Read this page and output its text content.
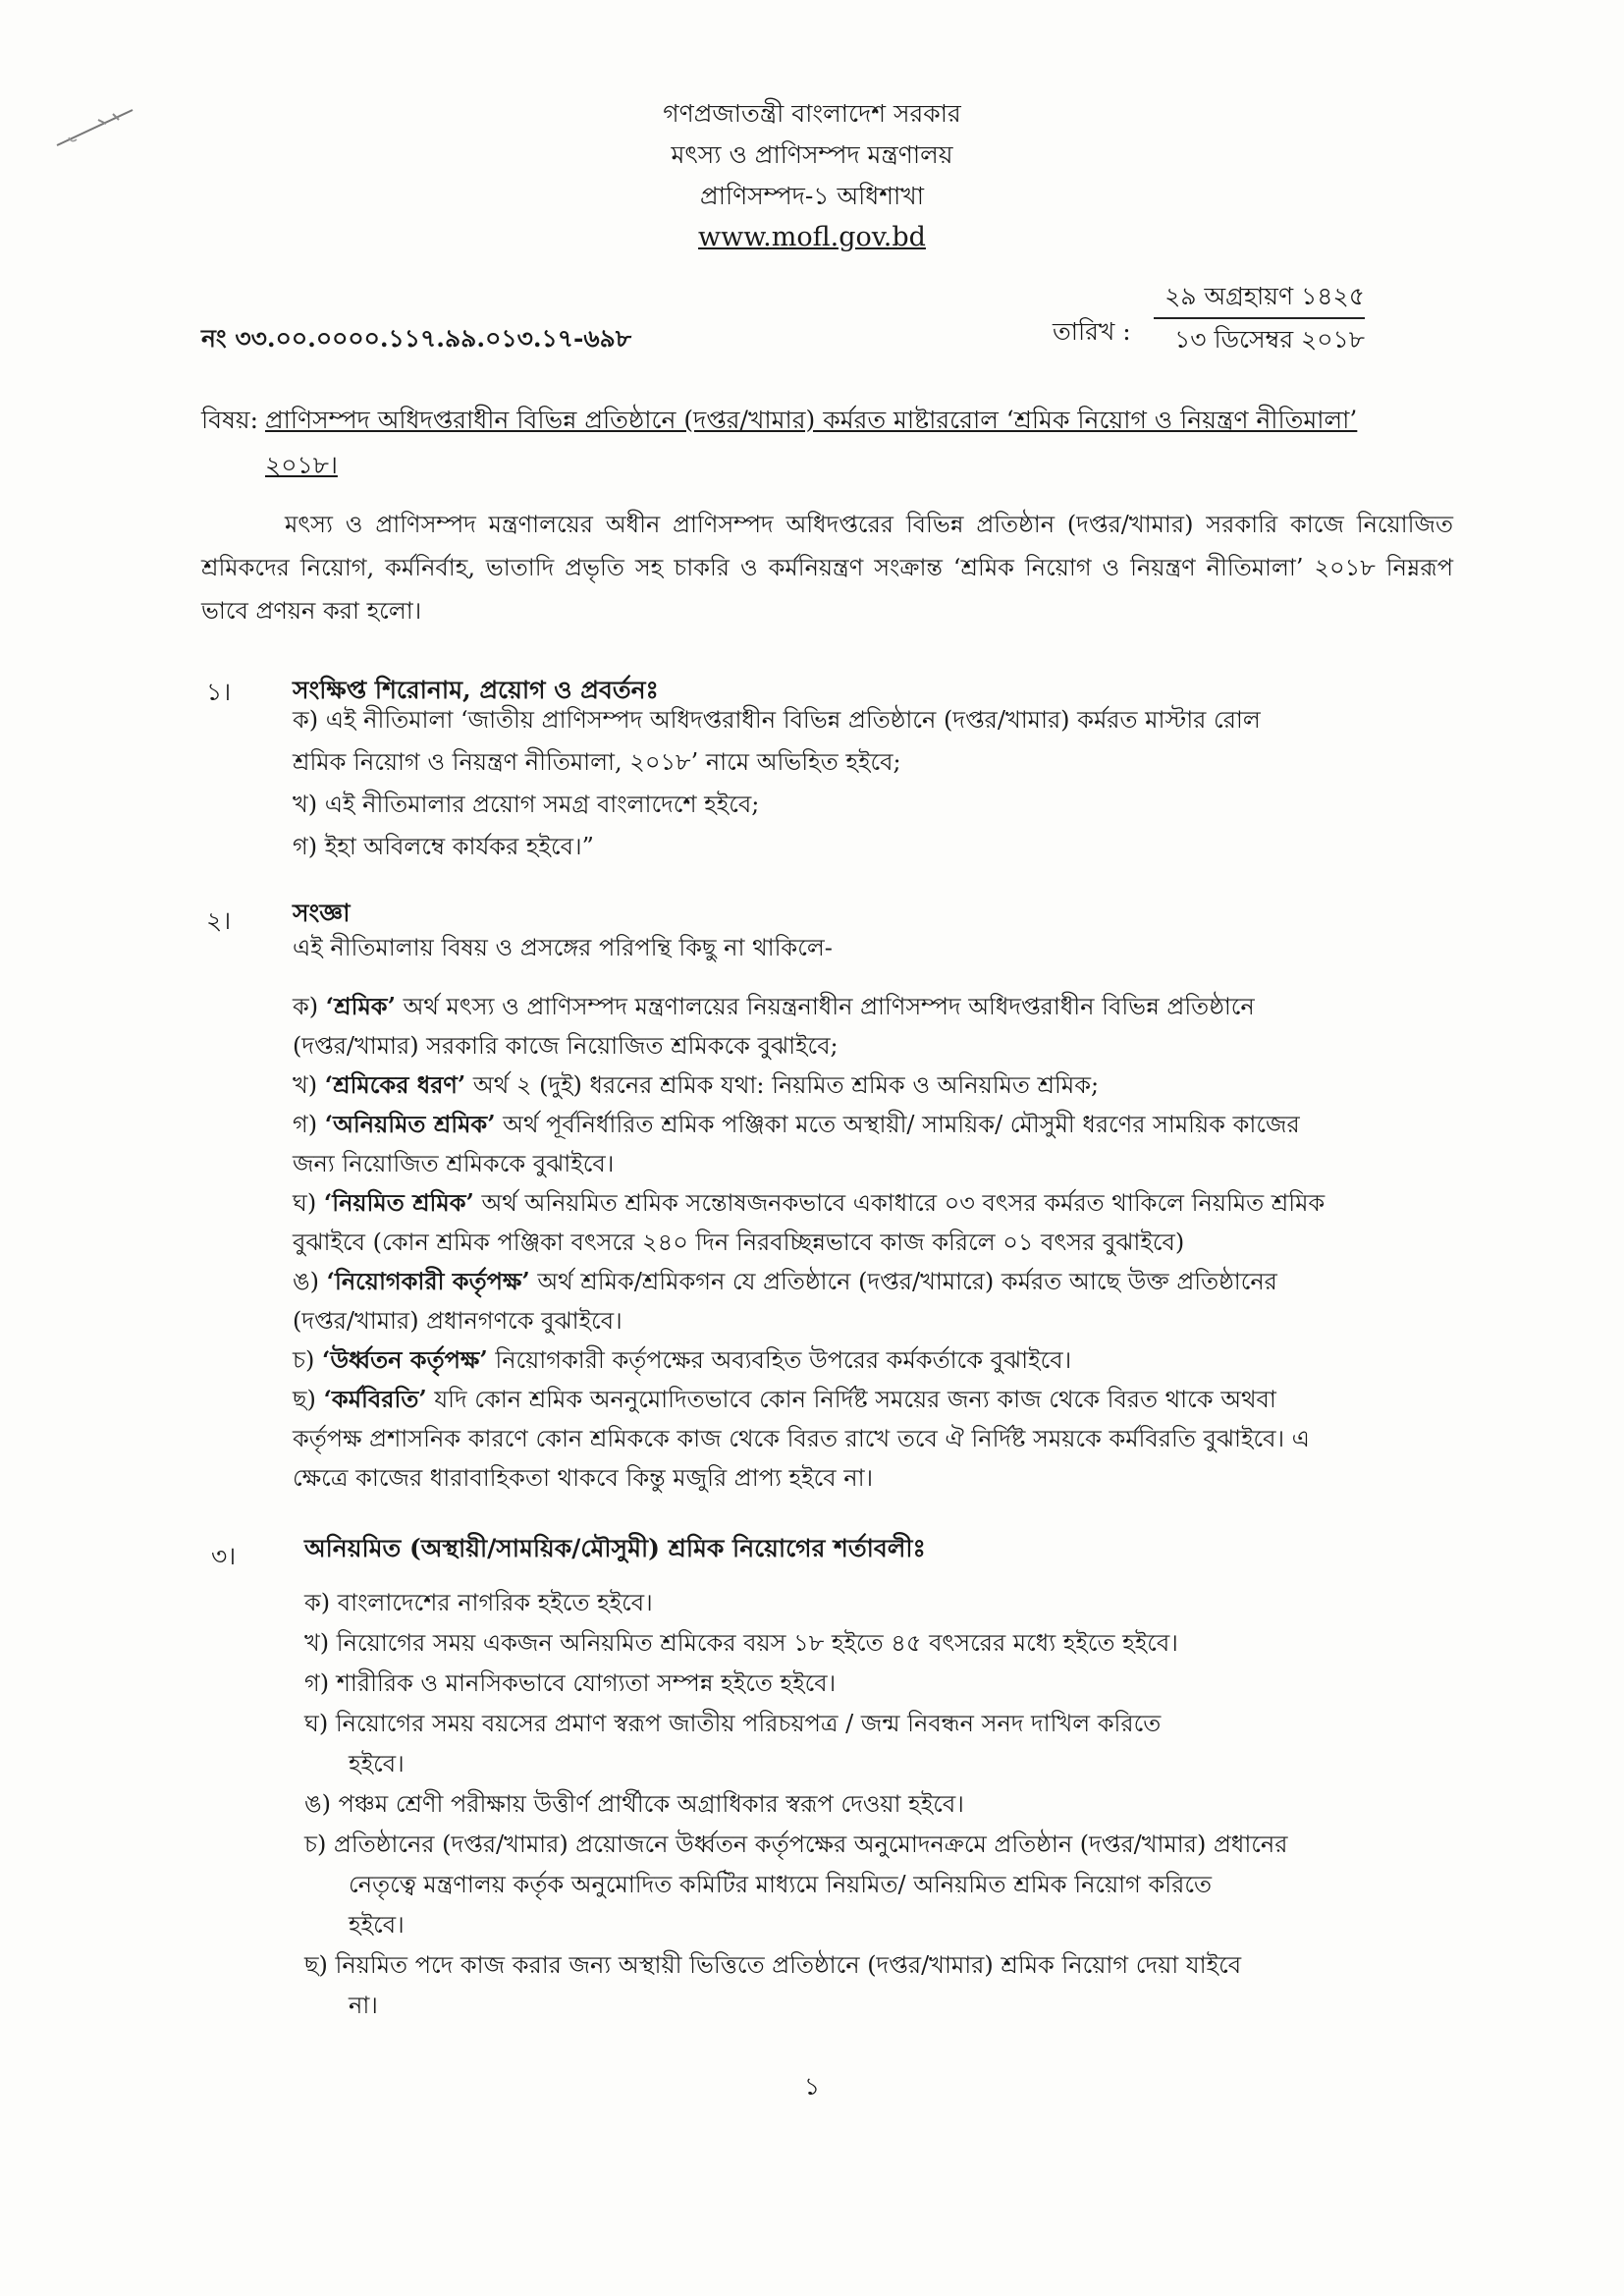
গণপ্রজাতন্ত্রী বাংলাদেশ সরকার
মৎস্য ও প্রাণিসম্পদ মন্ত্রণালয়
প্রাণিসম্পদ-১ অধিশাখা
www.mofl.gov.bd
নং ৩৩.০০.০০০০.১১৭.৯৯.০১৩.১৭-৬৯৮	তারিখ :
২৯ অগ্রহায়ণ ১৪২৫
১৩ ডিসেম্বর ২০১৮
বিষয়: প্রাণিসম্পদ অধিদপ্তরাধীন বিভিন্ন প্রতিষ্ঠানে (দপ্তর/খামার) কর্মরত মাষ্টাররোল ‘শ্রমিক নিয়োগ ও নিয়ন্ত্রণ নীতিমালা’ ২০১৮।
মৎস্য ও প্রাণিসম্পদ মন্ত্রণালয়ের অধীন প্রাণিসম্পদ অধিদপ্তরের বিভিন্ন প্রতিষ্ঠান (দপ্তর/খামার) সরকারি কাজে নিয়োজিত শ্রমিকদের নিয়োগ, কর্মনির্বাহ, ভাতাদি প্রভৃতি সহ চাকরি ও কর্মনিয়ন্ত্রণ সংক্রান্ত ‘শ্রমিক নিয়োগ ও নিয়ন্ত্রণ নীতিমালা’ ২০১৮ নিম্নরূপ ভাবে প্রণয়ন করা হলো।
১।	সংক্ষিপ্ত শিরোনাম, প্রয়োগ ও প্রবর্তনঃ

ক) এই নীতিমালা ‘জাতীয় প্রাণিসম্পদ অধিদপ্তরাধীন বিভিন্ন প্রতিষ্ঠানে (দপ্তর/খামার) কর্মরত মাস্টার রোল

শ্রমিক নিয়োগ ও নিয়ন্ত্রণ নীতিমালা, ২০১৮’ নামে অভিহিত হইবে;

খ) এই নীতিমালার প্রয়োগ সমগ্র বাংলাদেশে হইবে;

গ) ইহা অবিলম্বে কার্যকর হইবে।”

২।	সংজ্ঞা

এই নীতিমালায় বিষয় ও প্রসঙ্গের পরিপন্থি কিছু না থাকিলে-

ক) ‘শ্রমিক’ অর্থ মৎস্য ও প্রাণিসম্পদ মন্ত্রণালয়ের নিয়ন্ত্রনাধীন প্রাণিসম্পদ অধিদপ্তরাধীন বিভিন্ন প্রতিষ্ঠানে

(দপ্তর/খামার) সরকারি কাজে নিয়োজিত শ্রমিককে বুঝাইবে;

খ) ‘শ্রমিকের ধরণ’ অর্থ ২ (দুই) ধরনের শ্রমিক যথা: নিয়মিত শ্রমিক ও অনিয়মিত শ্রমিক;

গ) ‘অনিয়মিত শ্রমিক’ অর্থ পূর্বনির্ধারিত শ্রমিক পঞ্জিকা মতে অস্থায়ী/ সাময়িক/ মৌসুমী ধরণের সাময়িক কাজের

জন্য নিয়োজিত শ্রমিককে বুঝাইবে।

ঘ) ‘নিয়মিত শ্রমিক’ অর্থ অনিয়মিত শ্রমিক সন্তোষজনকভাবে একাধারে ০৩ বৎসর কর্মরত থাকিলে নিয়মিত শ্রমিক

বুঝাইবে (কোন শ্রমিক পঞ্জিকা বৎসরে ২৪০ দিন নিরবচ্ছিন্নভাবে কাজ করিলে ০১ বৎসর বুঝাইবে)

ঙ) ‘নিয়োগকারী কর্তৃপক্ষ’ অর্থ শ্রমিক/শ্রমিকগন যে প্রতিষ্ঠানে (দপ্তর/খামারে) কর্মরত আছে উক্ত প্রতিষ্ঠানের

(দপ্তর/খামার) প্রধানগণকে বুঝাইবে।

চ) ‘উর্ধ্বতন কর্তৃপক্ষ’ নিয়োগকারী কর্তৃপক্ষের অব্যবহিত উপরের কর্মকর্তাকে বুঝাইবে।

ছ) ‘কর্মবিরতি’ যদি কোন শ্রমিক অননুমোদিতভাবে কোন নির্দিষ্ট সময়ের জন্য কাজ থেকে বিরত থাকে অথবা

কর্তৃপক্ষ প্রশাসনিক কারণে কোন শ্রমিককে কাজ থেকে বিরত রাখে তবে ঐ নির্দিষ্ট সময়কে কর্মবিরতি বুঝাইবে। এ

ক্ষেত্রে কাজের ধারাবাহিকতা থাকবে কিন্তু মজুরি প্রাপ্য হইবে না।

৩।	অনিয়মিত (অস্থায়ী/সাময়িক/মৌসুমী) শ্রমিক নিয়োগের শর্তাবলীঃ

ক) বাংলাদেশের নাগরিক হইতে হইবে।

খ) নিয়োগের সময় একজন অনিয়মিত শ্রমিকের বয়স ১৮ হইতে ৪৫ বৎসরের মধ্যে হইতে হইবে।

গ) শারীরিক ও মানসিকভাবে যোগ্যতা সম্পন্ন হইতে হইবে।

ঘ) নিয়োগের সময় বয়সের প্রমাণ স্বরূপ জাতীয় পরিচয়পত্র / জন্ম নিবন্ধন সনদ দাখিল করিতে

হইবে।

ঙ) পঞ্চম শ্রেণী পরীক্ষায় উত্তীর্ণ প্রার্থীকে অগ্রাধিকার স্বরূপ দেওয়া হইবে।

চ) প্রতিষ্ঠানের (দপ্তর/খামার) প্রয়োজনে উর্ধ্বতন কর্তৃপক্ষের অনুমোদনক্রমে প্রতিষ্ঠান (দপ্তর/খামার) প্রধানের

নেতৃত্বে মন্ত্রণালয় কর্তৃক অনুমোদিত কমিটির মাধ্যমে নিয়মিত/ অনিয়মিত শ্রমিক নিয়োগ করিতে

হইবে।

ছ) নিয়মিত পদে কাজ করার জন্য অস্থায়ী ভিত্তিতে প্রতিষ্ঠানে (দপ্তর/খামার) শ্রমিক নিয়োগ দেয়া যাইবে

না।

১
